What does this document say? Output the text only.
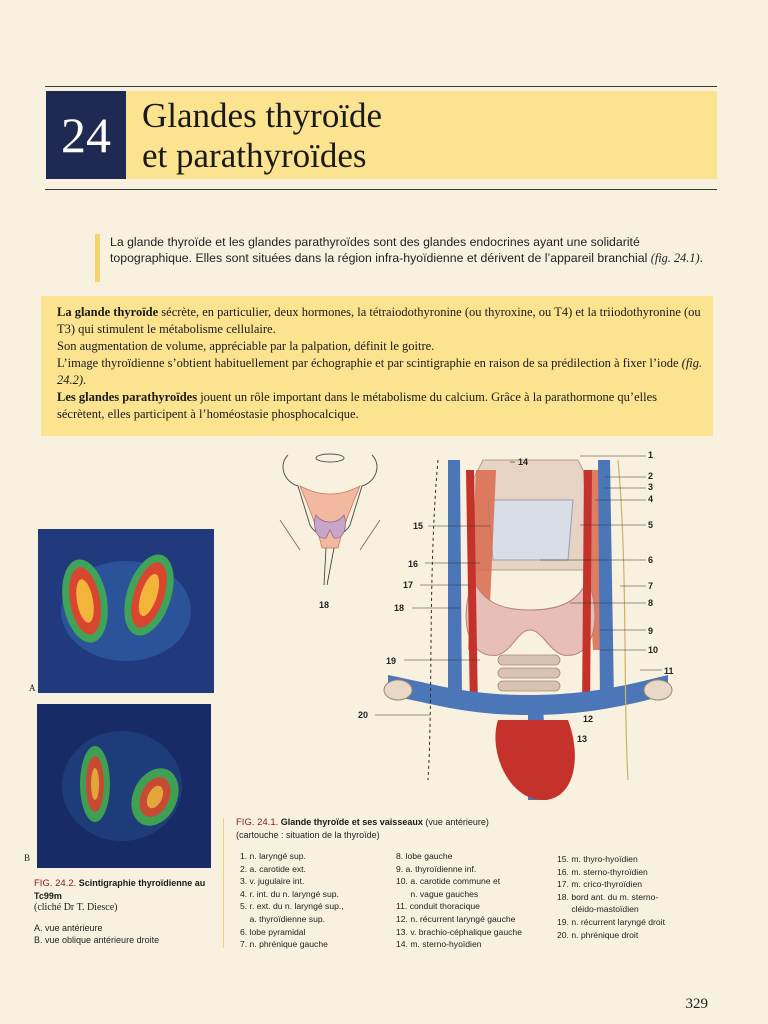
24 Glandes thyroïde
et parathyroïdes
La glande thyroïde et les glandes parathyroïdes sont des glandes endocrines ayant une solidarité topographique. Elles sont situées dans la région infra-hyoïdienne et dérivent de l’appareil branchial (fig. 24.1).

La glande thyroïde sécrète, en particulier, deux hormones, la tétraiodothyronine (ou thyroxine, ou T4) et la triiodothyronine (ou T3) qui stimulent le métabolisme cellulaire.

Son augmentation de volume, appréciable par la palpation, définit le goitre.

L’image thyroïdienne s’obtient habituellement par échographie et par scintigraphie en raison de sa prédilection à fixer l’iode (fig. 24.2).

Les glandes parathyroïdes jouent un rôle important dans le métabolisme du calcium. Grâce à la parathormone qu’elles sécrètent, elles participent à l’homéostasie phosphocalcique.

18
1
2
3
4
5
6
7
8
9
10
11
12
13
14
15
16
17
18
19
20
A
B
FIG. 24.2. Scintigraphie thyroïdienne au Tc99m
(cliché Dr T. Diesce)
A. vue antérieure
B. vue oblique antérieure droite
FIG. 24.1. Glande thyroïde et ses vaisseaux (vue antérieure)
(cartouche : situation de la thyroïde)
1. n. laryngé sup.
2. a. carotide ext.
3. v. jugulaire int.
4. r. int. du n. laryngé sup.
5. r. ext. du n. laryngé sup.,
a. thyroïdienne sup.
6. lobe pyramidal
7. n. phrénique gauche
8. lobe gauche
9. a. thyroïdienne inf.
10. a. carotide commune et
n. vague gauches
11. conduit thoracique
12. n. récurrent laryngé gauche
13. v. brachio-céphalique gauche
14. m. sterno-hyoïdien
15. m. thyro-hyoïdien
16. m. sterno-thyroïdien
17. m. crico-thyroïdien
18. bord ant. du m. sterno-
cléido-mastoïdien
19. n. récurrent laryngé droit
20. n. phrénique droit
329
